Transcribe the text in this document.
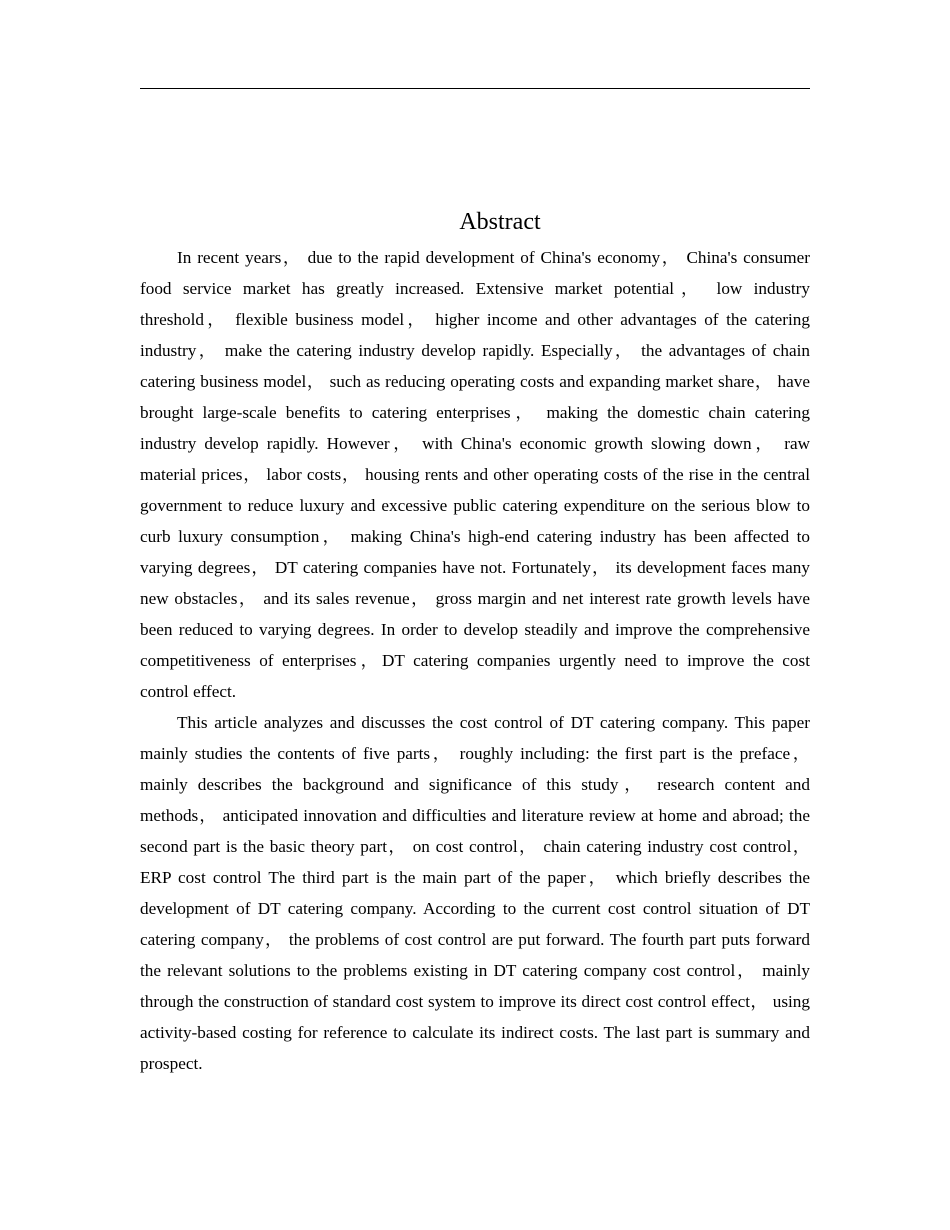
Abstract

In recent years， due to the rapid development of China's economy， China's consumer food service market has greatly increased. Extensive market potential， low industry threshold， flexible business model， higher income and other advantages of the catering industry， make the catering industry develop rapidly. Especially， the advantages of chain catering business model， such as reducing operating costs and expanding market share， have brought large-scale benefits to catering enterprises， making the domestic chain catering industry develop rapidly. However， with China's economic growth slowing down， raw material prices， labor costs， housing rents and other operating costs of the rise in the central government to reduce luxury and excessive public catering expenditure on the serious blow to curb luxury consumption， making China's high-end catering industry has been affected to varying degrees， DT catering companies have not. Fortunately， its development faces many new obstacles， and its sales revenue， gross margin and net interest rate growth levels have been reduced to varying degrees. In order to develop steadily and improve the comprehensive competitiveness of enterprises，DT catering companies urgently need to improve the cost control effect.

This article analyzes and discusses the cost control of DT catering company. This paper mainly studies the contents of five parts， roughly including: the first part is the preface， mainly describes the background and significance of this study， research content and methods， anticipated innovation and difficulties and literature review at home and abroad; the second part is the basic theory part， on cost control， chain catering industry cost control， ERP cost control The third part is the main part of the paper， which briefly describes the development of DT catering company. According to the current cost control situation of DT catering company， the problems of cost control are put forward. The fourth part puts forward the relevant solutions to the problems existing in DT catering company cost control， mainly through the construction of standard cost system to improve its direct cost control effect， using activity-based costing for reference to calculate its indirect costs. The last part is summary and prospect.
